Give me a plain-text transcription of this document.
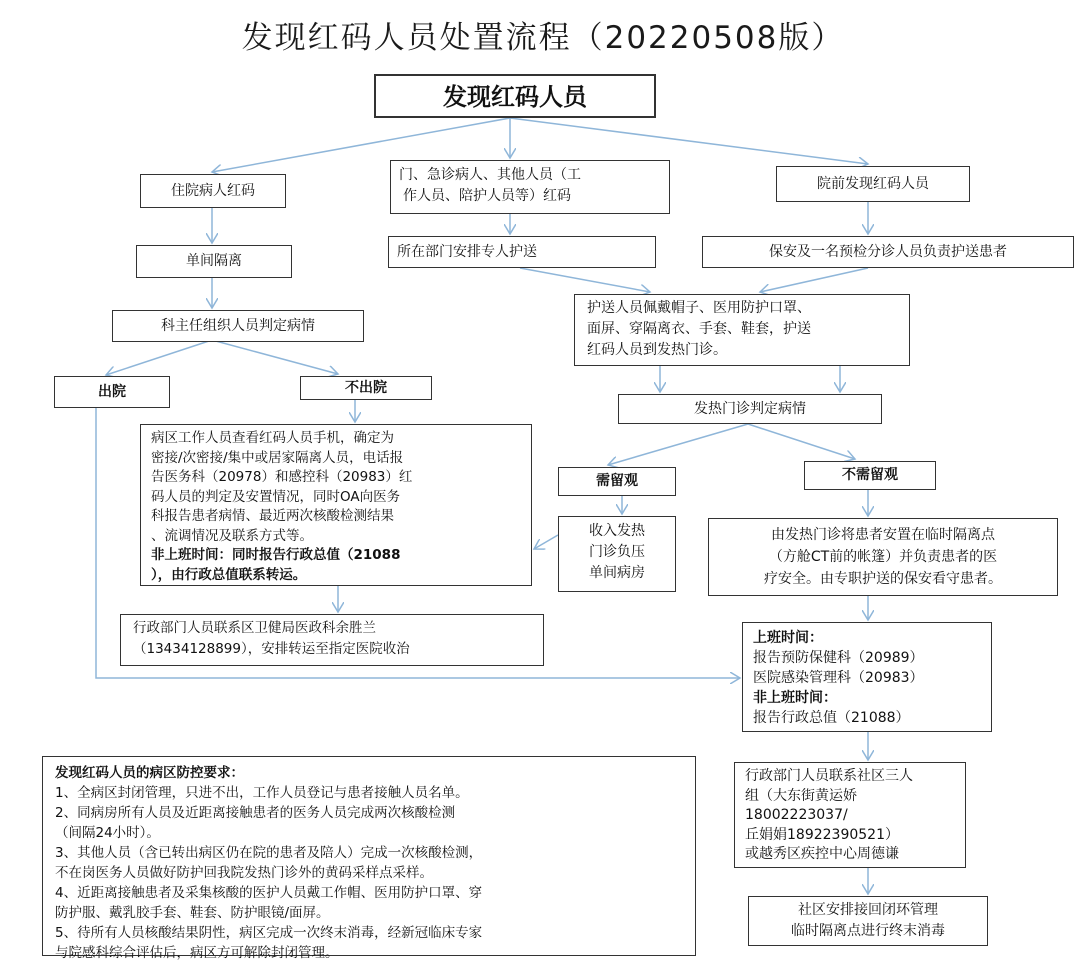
发现红码人员处置流程（20220508版）
发现红码人员
住院病人红码
门、急诊病人、其他人员（工
作人员、陪护人员等）红码
院前发现红码人员
单间隔离
所在部门安排专人护送	保安及一名预检分诊人员负责护送患者
科主任组织人员判定病情
护送人员佩戴帽子、医用防护口罩、
面屏、穿隔离衣、手套、鞋套，护送
红码人员到发热门诊。
出院	不出院
发热门诊判定病情
病区工作人员查看红码人员手机，确定为
密接/次密接/集中或居家隔离人员，电话报
告医务科（20978）和感控科（20983）红
码人员的判定及安置情况，同时OA向医务
科报告患者病情、最近两次核酸检测结果
、流调情况及联系方式等。
非上班时间：同时报告行政总值（21088
），由行政总值联系转运。
需留观	不需留观
收入发热
门诊负压
单间病房
由发热门诊将患者安置在临时隔离点
（方舱CT前的帐篷）并负责患者的医
疗安全。由专职护送的保安看守患者。
行政部门人员联系区卫健局医政科余胜兰
（13434128899），安排转运至指定医院收治
上班时间：
报告预防保健科（20989）
医院感染管理科（20983）
非上班时间：
报告行政总值（21088）
行政部门人员联系社区三人
组（大东街黄运娇
18002223037/
丘娟娟18922390521）
或越秀区疾控中心周德谦
社区安排接回闭环管理
临时隔离点进行终末消毒
发现红码人员的病区防控要求：
1、全病区封闭管理，只进不出，工作人员登记与患者接触人员名单。
2、同病房所有人员及近距离接触患者的医务人员完成两次核酸检测
（间隔24小时）。
3、其他人员（含已转出病区仍在院的患者及陪人）完成一次核酸检测，
不在岗医务人员做好防护回我院发热门诊外的黄码采样点采样。
4、近距离接触患者及采集核酸的医护人员戴工作帽、医用防护口罩、穿
防护服、戴乳胶手套、鞋套、防护眼镜/面屏。
5、待所有人员核酸结果阴性，病区完成一次终末消毒，经新冠临床专家
与院感科综合评估后，病区方可解除封闭管理。
